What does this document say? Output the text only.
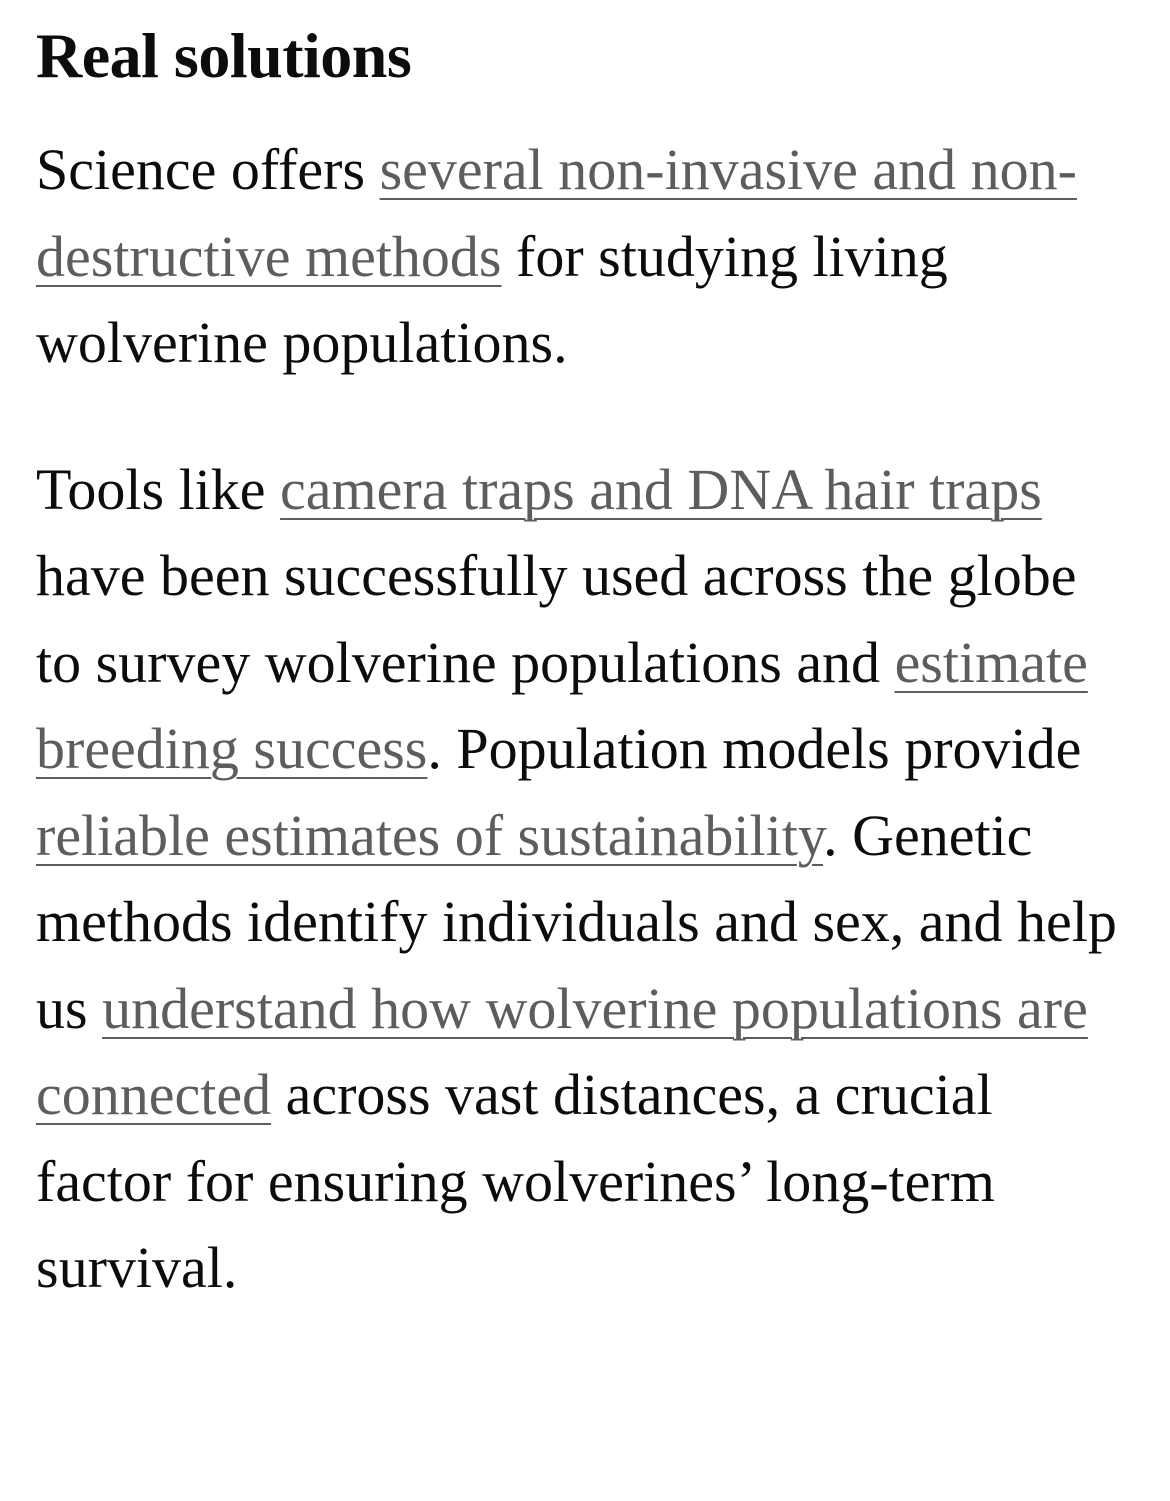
Real solutions

Science offers several non-invasive and non-destructive methods for studying living wolverine populations.

Tools like camera traps and DNA hair traps have been successfully used across the globe to survey wolverine populations and estimate breeding success. Population models provide reliable estimates of sustainability. Genetic methods identify individuals and sex, and help us understand how wolverine populations are connected across vast distances, a crucial factor for ensuring wolverines’ long-term survival.
